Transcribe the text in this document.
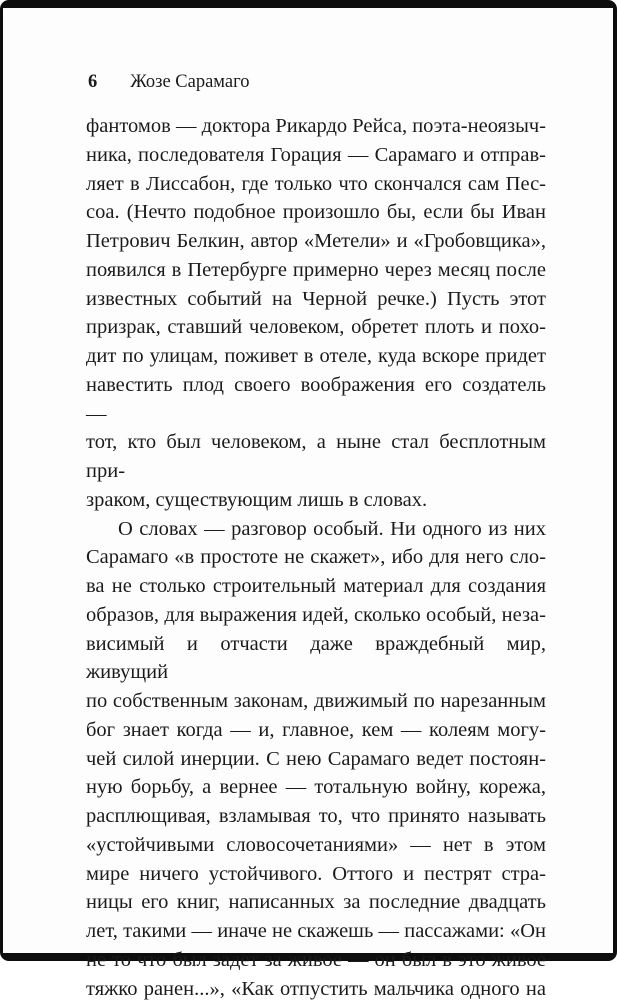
6 Жозе Сарамаго
фантомов — доктора Рикардо Рейса, поэта-неоязыч-
ника, последователя Горация — Сарамаго и отправ-
ляет в Лиссабон, где только что скончался сам Пес-
соа. (Нечто подобное произошло бы, если бы Иван
Петрович Белкин, автор «Метели» и «Гробовщика»,
появился в Петербурге примерно через месяц после
известных событий на Черной речке.) Пусть этот
призрак, ставший человеком, обретет плоть и похо-
дит по улицам, поживет в отеле, куда вскоре придет
навестить плод своего воображения его создатель —
тот, кто был человеком, а ныне стал бесплотным при-
зраком, существующим лишь в словах.
О словах — разговор особый. Ни одного из них
Сарамаго «в простоте не скажет», ибо для него сло-
ва не столько строительный материал для создания
образов, для выражения идей, сколько особый, неза-
висимый и отчасти даже враждебный мир, живущий
по собственным законам, движимый по нарезанным
бог знает когда — и, главное, кем — колеям могу-
чей силой инерции. С нею Сарамаго ведет постоян-
ную борьбу, а вернее — тотальную войну, корежа,
расплющивая, взламывая то, что принято называть
«устойчивыми словосочетаниями» — нет в этом
мире ничего устойчивого. Оттого и пестрят стра-
ницы его книг, написанных за последние двадцать
лет, такими — иначе не скажешь — пассажами: «Он
не то что был задет за живое — он был в это живое
тяжко ранен...», «Как отпустить мальчика одного на
